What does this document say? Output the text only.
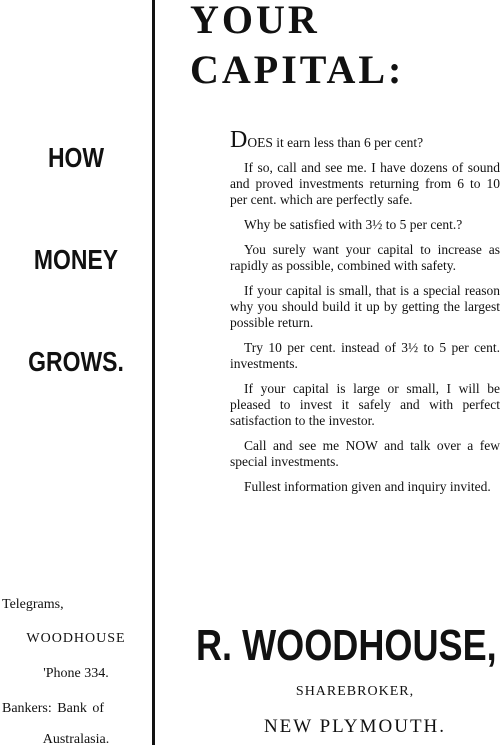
HOW
MONEY
GROWS.
Telegrams,
WOODHOUSE
'Phone 334.
Bankers: Bank of
Australasia.
YOUR
CAPITAL:

DOES it earn less than 6 per cent?

If so, call and see me. I have dozens of sound and proved investments returning from 6 to 10 per cent. which are perfectly safe.

Why be satisfied with 3½ to 5 per cent.?

You surely want your capital to increase as rapidly as possible, combined with safety.

If your capital is small, that is a special reason why you should build it up by getting the largest possible return.

Try 10 per cent. instead of 3½ to 5 per cent. investments.

If your capital is large or small, I will be pleased to invest it safely and with perfect satisfaction to the investor.

Call and see me NOW and talk over a few special investments.

Fullest information given and inquiry invited.

R. WOODHOUSE,
SHAREBROKER,
NEW PLYMOUTH.
